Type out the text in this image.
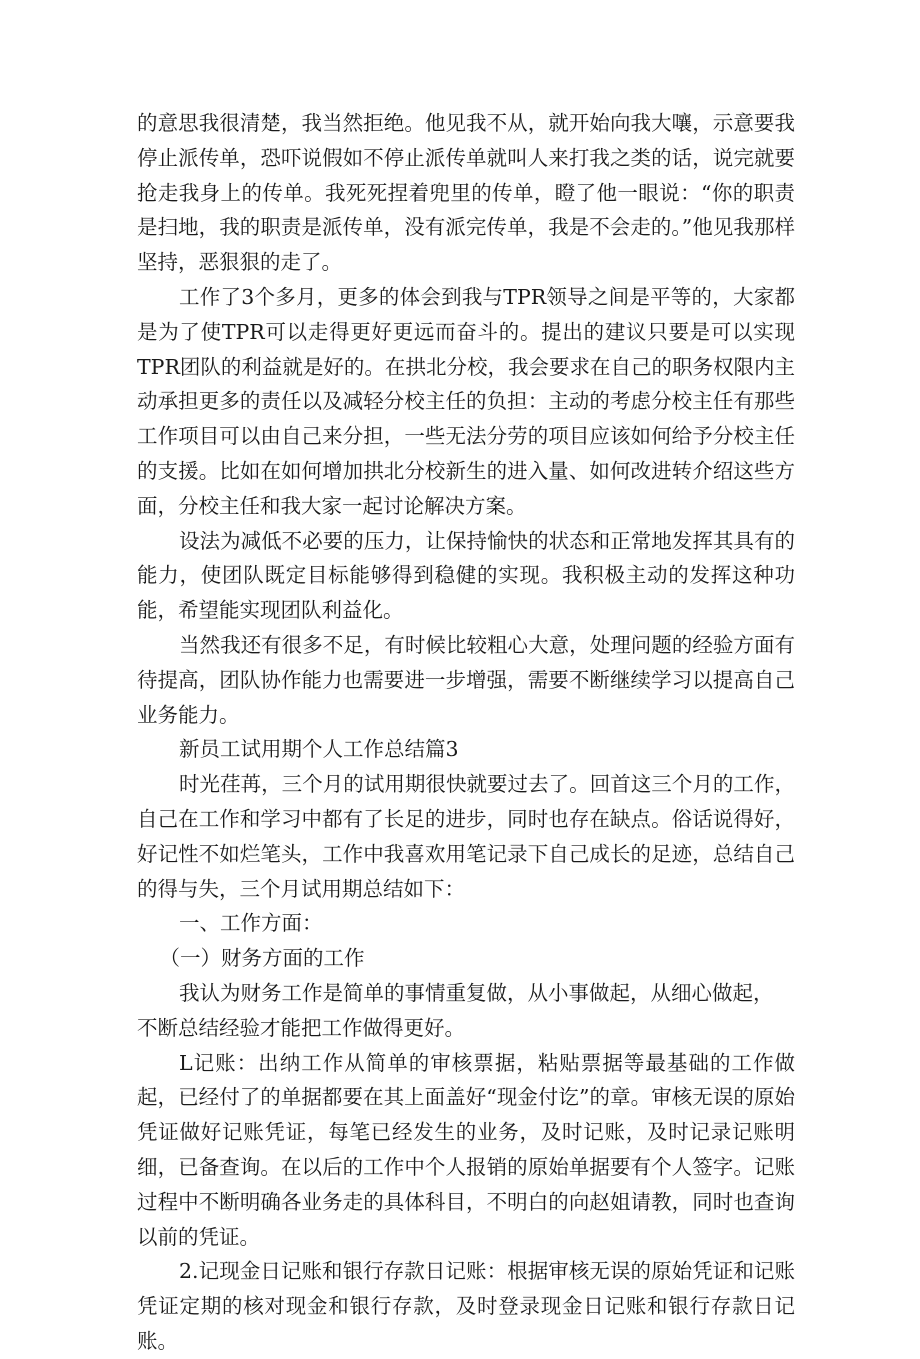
的意思我很清楚，我当然拒绝。他见我不从，就开始向我大嚷，示意要我停止派传单，恐吓说假如不停止派传单就叫人来打我之类的话，说完就要抢走我身上的传单。我死死捏着兜里的传单，瞪了他一眼说：“你的职责是扫地，我的职责是派传单，没有派完传单，我是不会走的。”他见我那样坚持，恶狠狠的走了。

工作了3个多月，更多的体会到我与TPR领导之间是平等的，大家都是为了使TPR可以走得更好更远而奋斗的。提出的建议只要是可以实现TPR团队的利益就是好的。在拱北分校，我会要求在自己的职务权限内主动承担更多的责任以及减轻分校主任的负担：主动的考虑分校主任有那些工作项目可以由自己来分担，一些无法分劳的项目应该如何给予分校主任的支援。比如在如何增加拱北分校新生的进入量、如何改进转介绍这些方面，分校主任和我大家一起讨论解决方案。

设法为减低不必要的压力，让保持愉快的状态和正常地发挥其具有的能力，使团队既定目标能够得到稳健的实现。我积极主动的发挥这种功能，希望能实现团队利益化。

当然我还有很多不足，有时候比较粗心大意，处理问题的经验方面有待提高，团队协作能力也需要进一步增强，需要不断继续学习以提高自己业务能力。

新员工试用期个人工作总结篇3

时光荏苒，三个月的试用期很快就要过去了。回首这三个月的工作，自己在工作和学习中都有了长足的进步，同时也存在缺点。俗话说得好，好记性不如烂笔头，工作中我喜欢用笔记录下自己成长的足迹，总结自己的得与失，三个月试用期总结如下：

一、工作方面：

（一）财务方面的工作

我认为财务工作是简单的事情重复做，从小事做起，从细心做起，

不断总结经验才能把工作做得更好。

L记账：出纳工作从简单的审核票据，粘贴票据等最基础的工作做起，已经付了的单据都要在其上面盖好“现金付讫”的章。审核无误的原始凭证做好记账凭证，每笔已经发生的业务，及时记账，及时记录记账明细，已备查询。在以后的工作中个人报销的原始单据要有个人签字。记账过程中不断明确各业务走的具体科目，不明白的向赵姐请教，同时也查询以前的凭证。

2.记现金日记账和银行存款日记账：根据审核无误的原始凭证和记账凭证定期的核对现金和银行存款，及时登录现金日记账和银行存款日记账。
